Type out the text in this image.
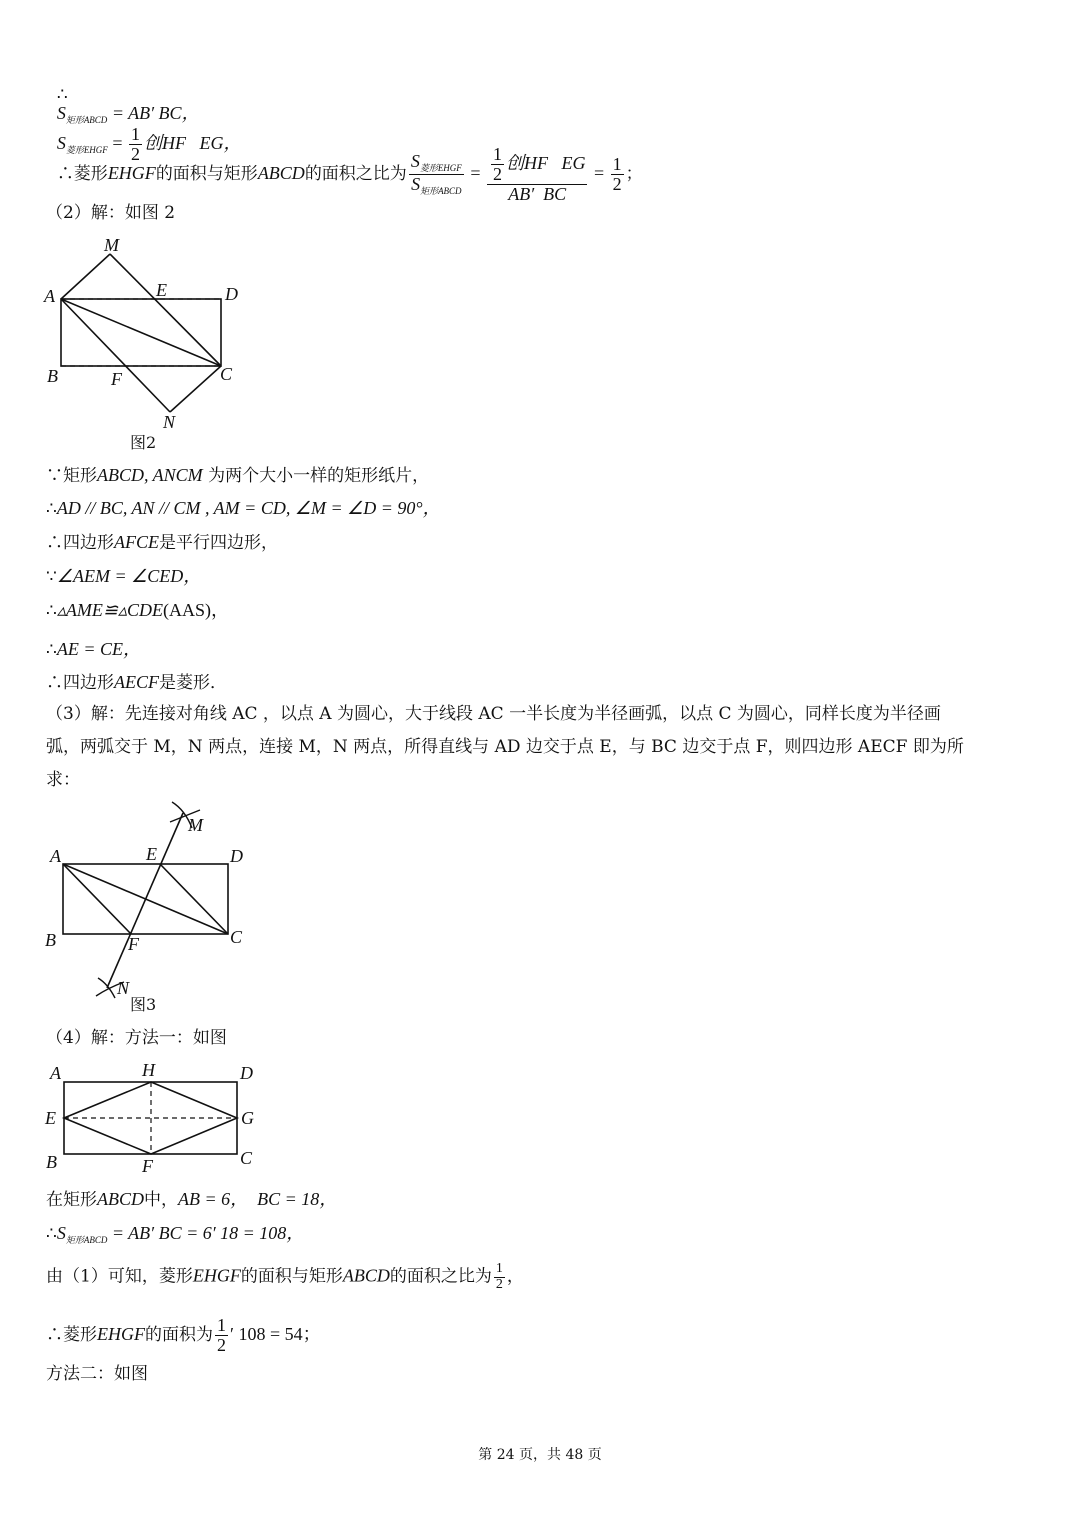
∴
$S_{矩形ABCD} = AB'$ BC，
$S_{菱形EHGF} = \frac{1}{2}$ 创HF   EG，

∴菱形EHGF的面积与矩形ABCD的面积之比为 $\frac{S_{菱形EHGF}}{S_{矩形ABCD}} = \frac{\frac{1}{2} 创HF EG}{AB' BC} = \frac{1}{2}$ ；

（2）解：如图 2
M
A	E	D
B	F	C
N
图2
∵矩形ABCD, ANCM 为两个大小一样的矩形纸片，
∴AD // BC, AN // CM , AM = CD, ∠M = ∠D = 90°，
∴四边形AFCE是平行四边形，
∵∠AEM = ∠CED，
∴▵AME≌▵CDE(AAS)，
∴AE = CE，
∴四边形AECF是菱形．
（3）解：先连接对角线 AC ，以点 A 为圆心，大于线段 AC 一半长度为半径画弧，以点 C 为圆心，同样长度为半径画
弧，两弧交于 M，N 两点，连接 M，N 两点，所得直线与 AD 边交于点 E，与 BC 边交于点 F，则四边形 AECF 即为所
求：
M
A	E	D
B	F	C
N
图3
（4）解：方法一：如图
A	H	D
E	G
B	F	C
在矩形ABCD中，AB = 6，  BC = 18，
$\therefore S_{矩形ABCD} = AB'$ BC = 6′ 18 = 108，
由（1）可知，菱形EHGF的面积与矩形ABCD的面积之比为 $\frac{1}{2}$ ，
∴菱形EHGF的面积为 $\frac{1}{2}$ ′ 108 = 54；
方法二：如图
第 24 页，共 48 页
